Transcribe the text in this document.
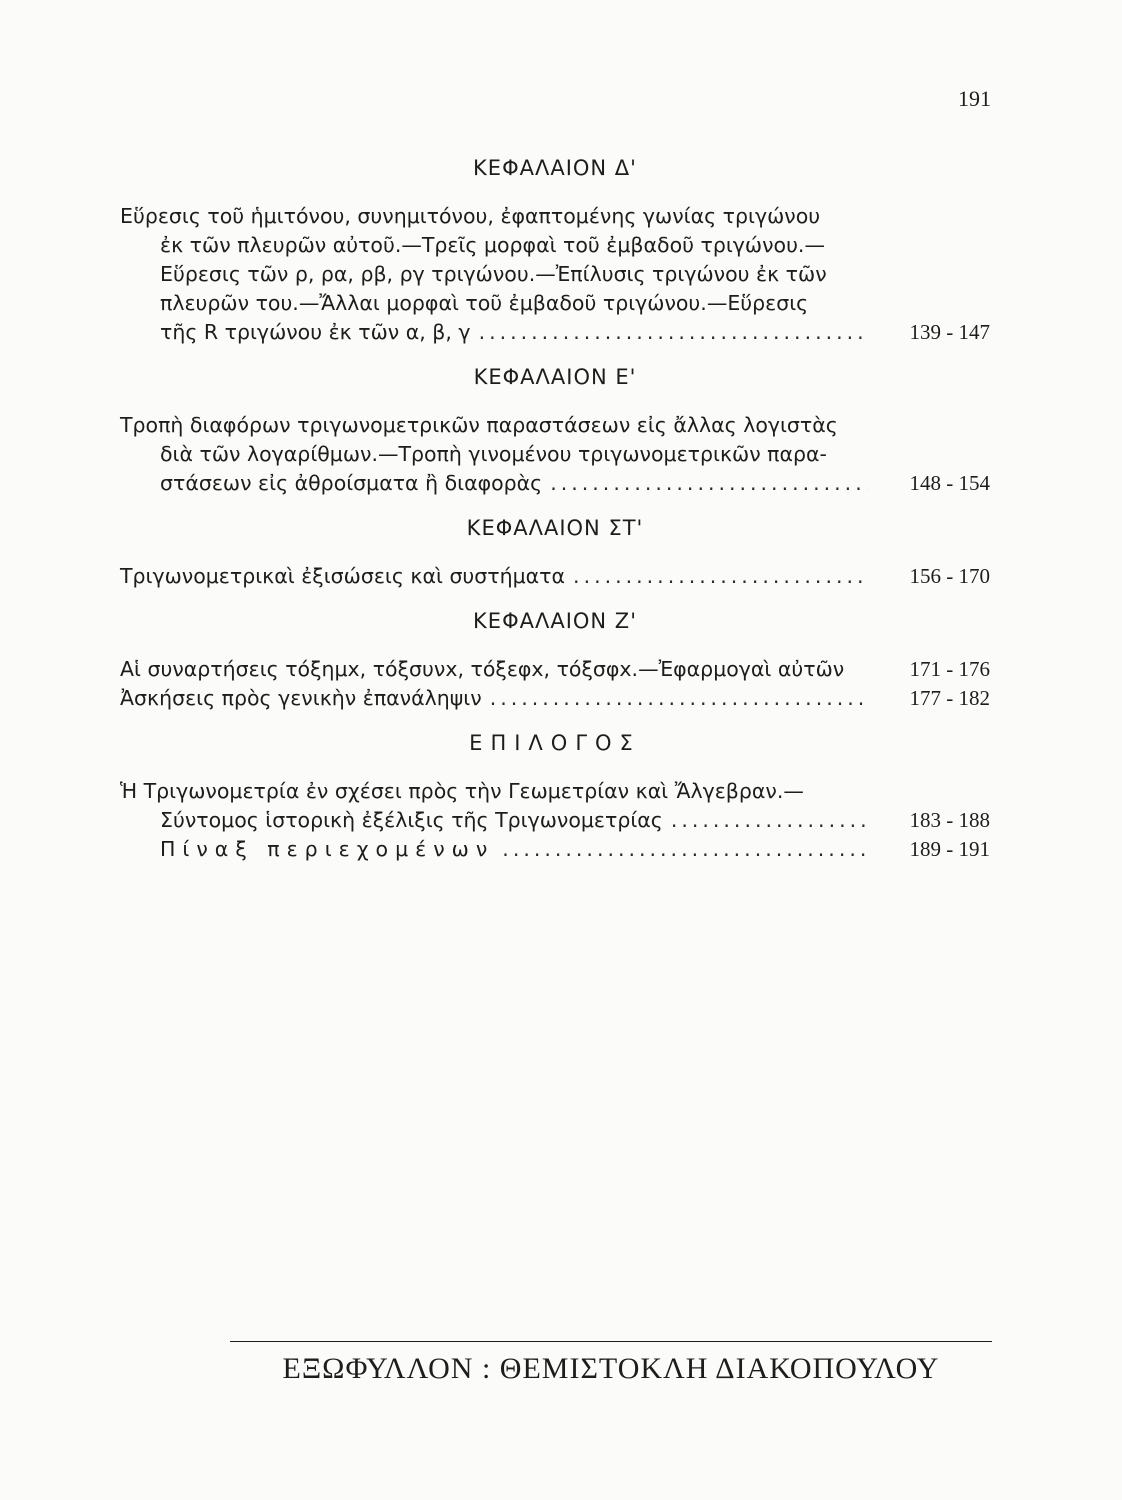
191
ΚΕΦΑΛΑΙΟΝ Δ'
Εὕρεσις τοῦ ἡμιτόνου, συνημιτόνου, ἐφαπτομένης γωνίας τριγώνου
ἐκ τῶν πλευρῶν αὐτοῦ.—Τρεῖς μορφαὶ τοῦ ἐμβαδοῦ τριγώνου.—
Εὕρεσις τῶν ρ, ρα, ρβ, ργ τριγώνου.—Ἐπίλυσις τριγώνου ἐκ τῶν
πλευρῶν του.—Ἄλλαι μορφαὶ τοῦ ἐμβαδοῦ τριγώνου.—Εὕρεσις
τῆς R τριγώνου ἐκ τῶν α, β, γ .....	139 - 147
ΚΕΦΑΛΑΙΟΝ Ε'
Τροπὴ διαφόρων τριγωνομετρικῶν παραστάσεων εἰς ἄλλας λογιστὰς
διὰ τῶν λογαρίθμων.—Τροπὴ γινομένου τριγωνομετρικῶν παρα-
στάσεων εἰς ἀθροίσματα ἢ διαφορὰς .....	148 - 154
ΚΕΦΑΛΑΙΟΝ ΣΤ'
Τριγωνομετρικαὶ ἐξισώσεις καὶ συστήματα .....	156 - 170
ΚΕΦΑΛΑΙΟΝ Ζ'
Αἱ συναρτήσεις τόξημx, τόξσυνx, τόξεφx, τόξσφx.—Ἐφαρμογαὶ αὐτῶν	171 - 176
Ἀσκήσεις πρὸς γενικὴν ἐπανάληψιν .....	177 - 182
ΕΠΙΛΟΓΟΣ
Ἡ Τριγωνομετρία ἐν σχέσει πρὸς τὴν Γεωμετρίαν καὶ Ἄλγεβραν.—
Σύντομος ἱστορικὴ ἐξέλιξις τῆς Τριγωνομετρίας .....	183 - 188
Πίναξ περιεχομένων .....	189 - 191
ΕΞΩΦΥΛΛΟΝ : ΘΕΜΙΣΤΟΚΛΗ ΔΙΑΚΟΠΟΥΛΟΥ
